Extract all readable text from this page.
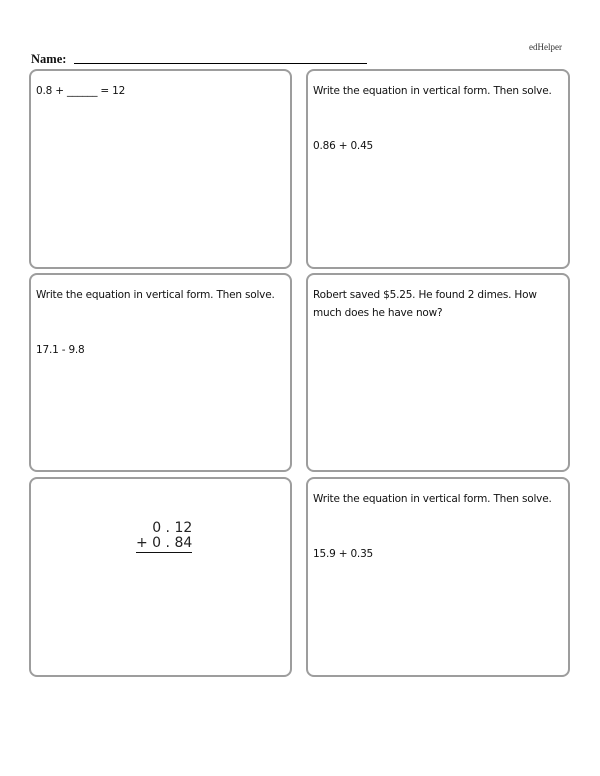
edHelper
Name:

0.8 + ______ = 12	Write the equation in vertical form. Then solve.

0.86 + 0.45

Write the equation in vertical form. Then solve.

17.1 - 9.8

Robert saved $5.25. He found 2 dimes. How much does he have now?

0 . 12
+ 0 . 84

Write the equation in vertical form. Then solve.

15.9 + 0.35
